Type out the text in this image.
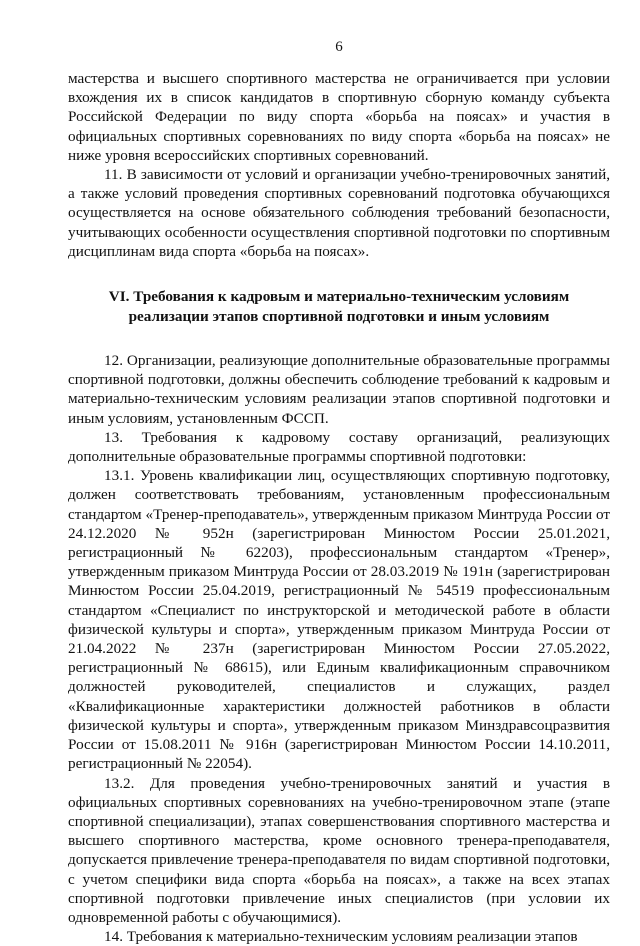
6

мастерства и высшего спортивного мастерства не ограничивается при условии вхождения их в список кандидатов в спортивную сборную команду субъекта Российской Федерации по виду спорта «борьба на поясах» и участия в официальных спортивных соревнованиях по виду спорта «борьба на поясах» не ниже уровня всероссийских спортивных соревнований.

11. В зависимости от условий и организации учебно-тренировочных занятий, а также условий проведения спортивных соревнований подготовка обучающихся осуществляется на основе обязательного соблюдения требований безопасности, учитывающих особенности осуществления спортивной подготовки по спортивным дисциплинам вида спорта «борьба на поясах».

VI. Требования к кадровым и материально-техническим условиям
реализации этапов спортивной подготовки и иным условиям

12. Организации, реализующие дополнительные образовательные программы спортивной подготовки, должны обеспечить соблюдение требований к кадровым и материально-техническим условиям реализации этапов спортивной подготовки и иным условиям, установленным ФССП.

13. Требования к кадровому составу организаций, реализующих дополнительные образовательные программы спортивной подготовки:

13.1. Уровень квалификации лиц, осуществляющих спортивную подготовку, должен соответствовать требованиям, установленным профессиональным стандартом «Тренер-преподаватель», утвержденным приказом Минтруда России от 24.12.2020 № 952н (зарегистрирован Минюстом России 25.01.2021, регистрационный № 62203), профессиональным стандартом «Тренер», утвержденным приказом Минтруда России от 28.03.2019 № 191н (зарегистрирован Минюстом России 25.04.2019, регистрационный № 54519 профессиональным стандартом «Специалист по инструкторской и методической работе в области физической культуры и спорта», утвержденным приказом Минтруда России от 21.04.2022 № 237н (зарегистрирован Минюстом России 27.05.2022, регистрационный № 68615), или Единым квалификационным справочником должностей руководителей, специалистов и служащих, раздел «Квалификационные характеристики должностей работников в области физической культуры и спорта», утвержденным приказом Минздравсоцразвития России от 15.08.2011 № 916н (зарегистрирован Минюстом России 14.10.2011, регистрационный № 22054).

13.2. Для проведения учебно-тренировочных занятий и участия в официальных спортивных соревнованиях на учебно-тренировочном этапе (этапе спортивной специализации), этапах совершенствования спортивного мастерства и высшего спортивного мастерства, кроме основного тренера-преподавателя, допускается привлечение тренера-преподавателя по видам спортивной подготовки, с учетом специфики вида спорта «борьба на поясах», а также на всех этапах спортивной подготовки привлечение иных специалистов (при условии их одновременной работы с обучающимися).

14. Требования к материально-техническим условиям реализации этапов
